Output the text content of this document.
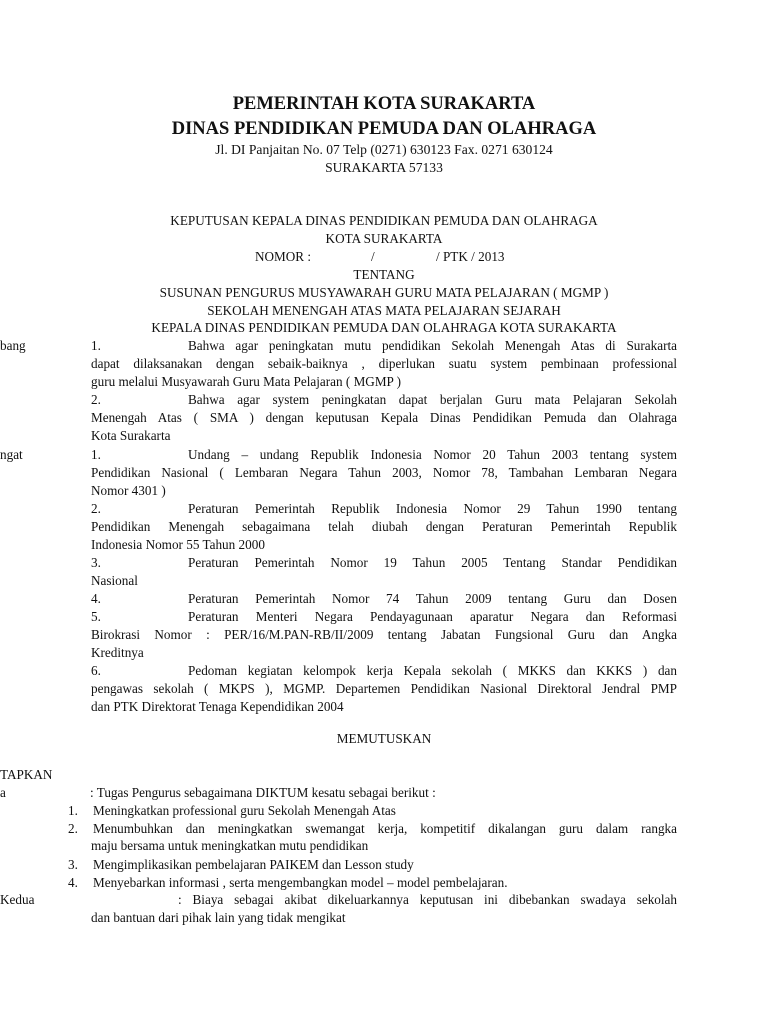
PEMERINTAH KOTA SURAKARTA
DINAS PENDIDIKAN PEMUDA DAN OLAHRAGA
Jl. DI Panjaitan No. 07 Telp (0271) 630123 Fax. 0271 630124
SURAKARTA 57133
KEPUTUSAN KEPALA DINAS PENDIDIKAN PEMUDA DAN OLAHRAGA
KOTA SURAKARTA
NOMOR :	/	/ PTK / 2013
TENTANG
SUSUNAN PENGURUS MUSYAWARAH GURU MATA PELAJARAN ( MGMP )
SEKOLAH MENENGAH ATAS MATA PELAJARAN SEJARAH
KEPALA DINAS PENDIDIKAN PEMUDA DAN OLAHRAGA KOTA SURAKARTA
bang	1.	Bahwa agar peningkatan mutu pendidikan Sekolah Menengah Atas di Surakarta
dapat dilaksanakan dengan sebaik-baiknya , diperlukan suatu system pembinaan professional
guru melalui Musyawarah Guru Mata Pelajaran ( MGMP )
2.	Bahwa agar system peningkatan dapat berjalan Guru mata Pelajaran Sekolah
Menengah Atas ( SMA ) dengan keputusan Kepala Dinas Pendidikan Pemuda dan Olahraga
Kota Surakarta
ngat	1.	Undang – undang Republik Indonesia Nomor 20 Tahun 2003 tentang system
Pendidikan Nasional ( Lembaran Negara Tahun 2003, Nomor 78, Tambahan Lembaran Negara
Nomor 4301 )
2.	Peraturan Pemerintah Republik Indonesia Nomor 29 Tahun 1990 tentang
Pendidikan Menengah sebagaimana telah diubah dengan Peraturan Pemerintah Republik
Indonesia Nomor 55 Tahun 2000
3.	Peraturan Pemerintah Nomor 19 Tahun 2005 Tentang Standar Pendidikan
Nasional
4.	Peraturan Pemerintah Nomor 74 Tahun 2009 tentang Guru dan Dosen
5.	Peraturan Menteri Negara Pendayagunaan aparatur Negara dan Reformasi
Birokrasi Nomor : PER/16/M.PAN-RB/II/2009 tentang Jabatan Fungsional Guru dan Angka
Kreditnya
6.	Pedoman kegiatan kelompok kerja Kepala sekolah ( MKKS dan KKKS ) dan
pengawas sekolah ( MKPS ), MGMP. Departemen Pendidikan Nasional Direktoral Jendral PMP
dan PTK Direktorat Tenaga Kependidikan 2004
MEMUTUSKAN
TAPKAN
a	: Tugas Pengurus sebagaimana DIKTUM kesatu sebagai berikut :
1. Meningkatkan professional guru Sekolah Menengah Atas
2. Menumbuhkan dan meningkatkan swemangat kerja, kompetitif dikalangan guru dalam rangka
maju bersama untuk meningkatkan mutu pendidikan
3. Mengimplikasikan pembelajaran PAIKEM dan Lesson study
4. Menyebarkan informasi , serta mengembangkan model – model pembelajaran.
Kedua	: Biaya sebagai akibat dikeluarkannya keputusan ini dibebankan swadaya sekolah
dan bantuan dari pihak lain yang tidak mengikat
